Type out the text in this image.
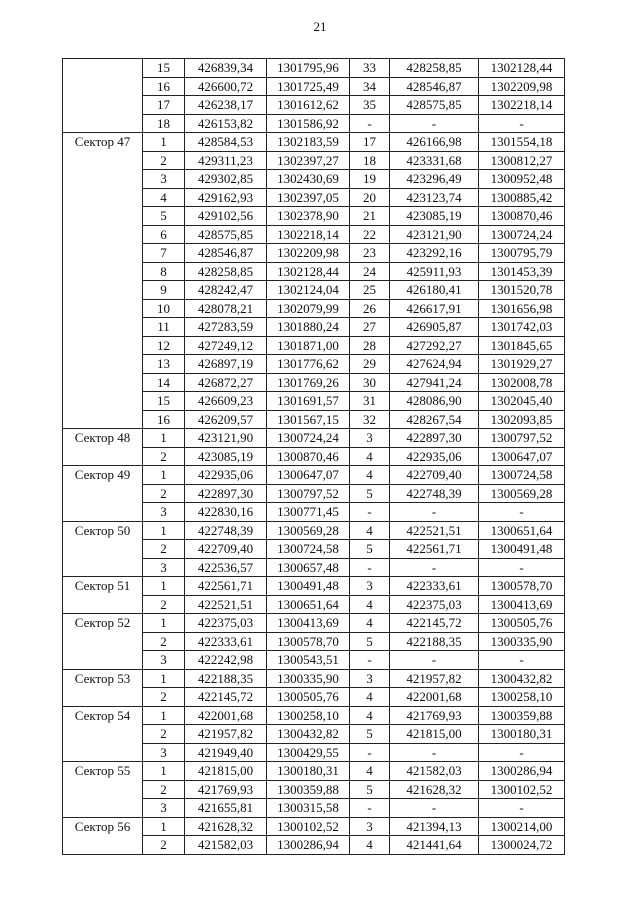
21
	15	426839,34	1301795,96	33	428258,85	1302128,44
	16	426600,72	1301725,49	34	428546,87	1302209,98
	17	426238,17	1301612,62	35	428575,85	1302218,14
	18	426153,82	1301586,92	-	-	-
Сектор 47	1	428584,53	1302183,59	17	426166,98	1301554,18
	2	429311,23	1302397,27	18	423331,68	1300812,27
	3	429302,85	1302430,69	19	423296,49	1300952,48
	4	429162,93	1302397,05	20	423123,74	1300885,42
	5	429102,56	1302378,90	21	423085,19	1300870,46
	6	428575,85	1302218,14	22	423121,90	1300724,24
	7	428546,87	1302209,98	23	423292,16	1300795,79
	8	428258,85	1302128,44	24	425911,93	1301453,39
	9	428242,47	1302124,04	25	426180,41	1301520,78
	10	428078,21	1302079,99	26	426617,91	1301656,98
	11	427283,59	1301880,24	27	426905,87	1301742,03
	12	427249,12	1301871,00	28	427292,27	1301845,65
	13	426897,19	1301776,62	29	427624,94	1301929,27
	14	426872,27	1301769,26	30	427941,24	1302008,78
	15	426609,23	1301691,57	31	428086,90	1302045,40
	16	426209,57	1301567,15	32	428267,54	1302093,85
Сектор 48	1	423121,90	1300724,24	3	422897,30	1300797,52
	2	423085,19	1300870,46	4	422935,06	1300647,07
Сектор 49	1	422935,06	1300647,07	4	422709,40	1300724,58
	2	422897,30	1300797,52	5	422748,39	1300569,28
	3	422830,16	1300771,45	-	-	-
Сектор 50	1	422748,39	1300569,28	4	422521,51	1300651,64
	2	422709,40	1300724,58	5	422561,71	1300491,48
	3	422536,57	1300657,48	-	-	-
Сектор 51	1	422561,71	1300491,48	3	422333,61	1300578,70
	2	422521,51	1300651,64	4	422375,03	1300413,69
Сектор 52	1	422375,03	1300413,69	4	422145,72	1300505,76
	2	422333,61	1300578,70	5	422188,35	1300335,90
	3	422242,98	1300543,51	-	-	-
Сектор 53	1	422188,35	1300335,90	3	421957,82	1300432,82
	2	422145,72	1300505,76	4	422001,68	1300258,10
Сектор 54	1	422001,68	1300258,10	4	421769,93	1300359,88
	2	421957,82	1300432,82	5	421815,00	1300180,31
	3	421949,40	1300429,55	-	-	-
Сектор 55	1	421815,00	1300180,31	4	421582,03	1300286,94
	2	421769,93	1300359,88	5	421628,32	1300102,52
	3	421655,81	1300315,58	-	-	-
Сектор 56	1	421628,32	1300102,52	3	421394,13	1300214,00
	2	421582,03	1300286,94	4	421441,64	1300024,72
